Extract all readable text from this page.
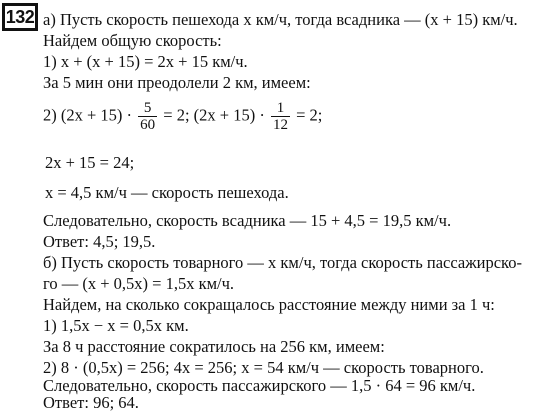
132 а) Пусть скорость пешехода x км/ч, тогда всадника — (x + 15) км/ч.
Найдем общую скорость:
1) x + (x + 15) = 2x + 15 км/ч.
За 5 мин они преодолели 2 км, имеем:
2) $(2x + 15) \cdot \frac{5}{60} = 2$; $(2x + 15) \cdot \frac{1}{12} = 2$;
2x + 15 = 24;
x = 4,5 км/ч — скорость пешехода.
Следовательно, скорость всадника — 15 + 4,5 = 19,5 км/ч.
Ответ: 4,5; 19,5.
б) Пусть скорость товарного — x км/ч, тогда скорость пассажирско-
го — (x + 0,5x) = 1,5x км/ч.
Найдем, на сколько сокращалось расстояние между ними за 1 ч:
1) 1,5x − x = 0,5x км.
За 8 ч расстояние сократилось на 256 км, имеем:
2) 8 · (0,5x) = 256; 4x = 256; x = 54 км/ч — скорость товарного.
Следовательно, скорость пассажирского — 1,5 · 64 = 96 км/ч.
Ответ: 96; 64.
